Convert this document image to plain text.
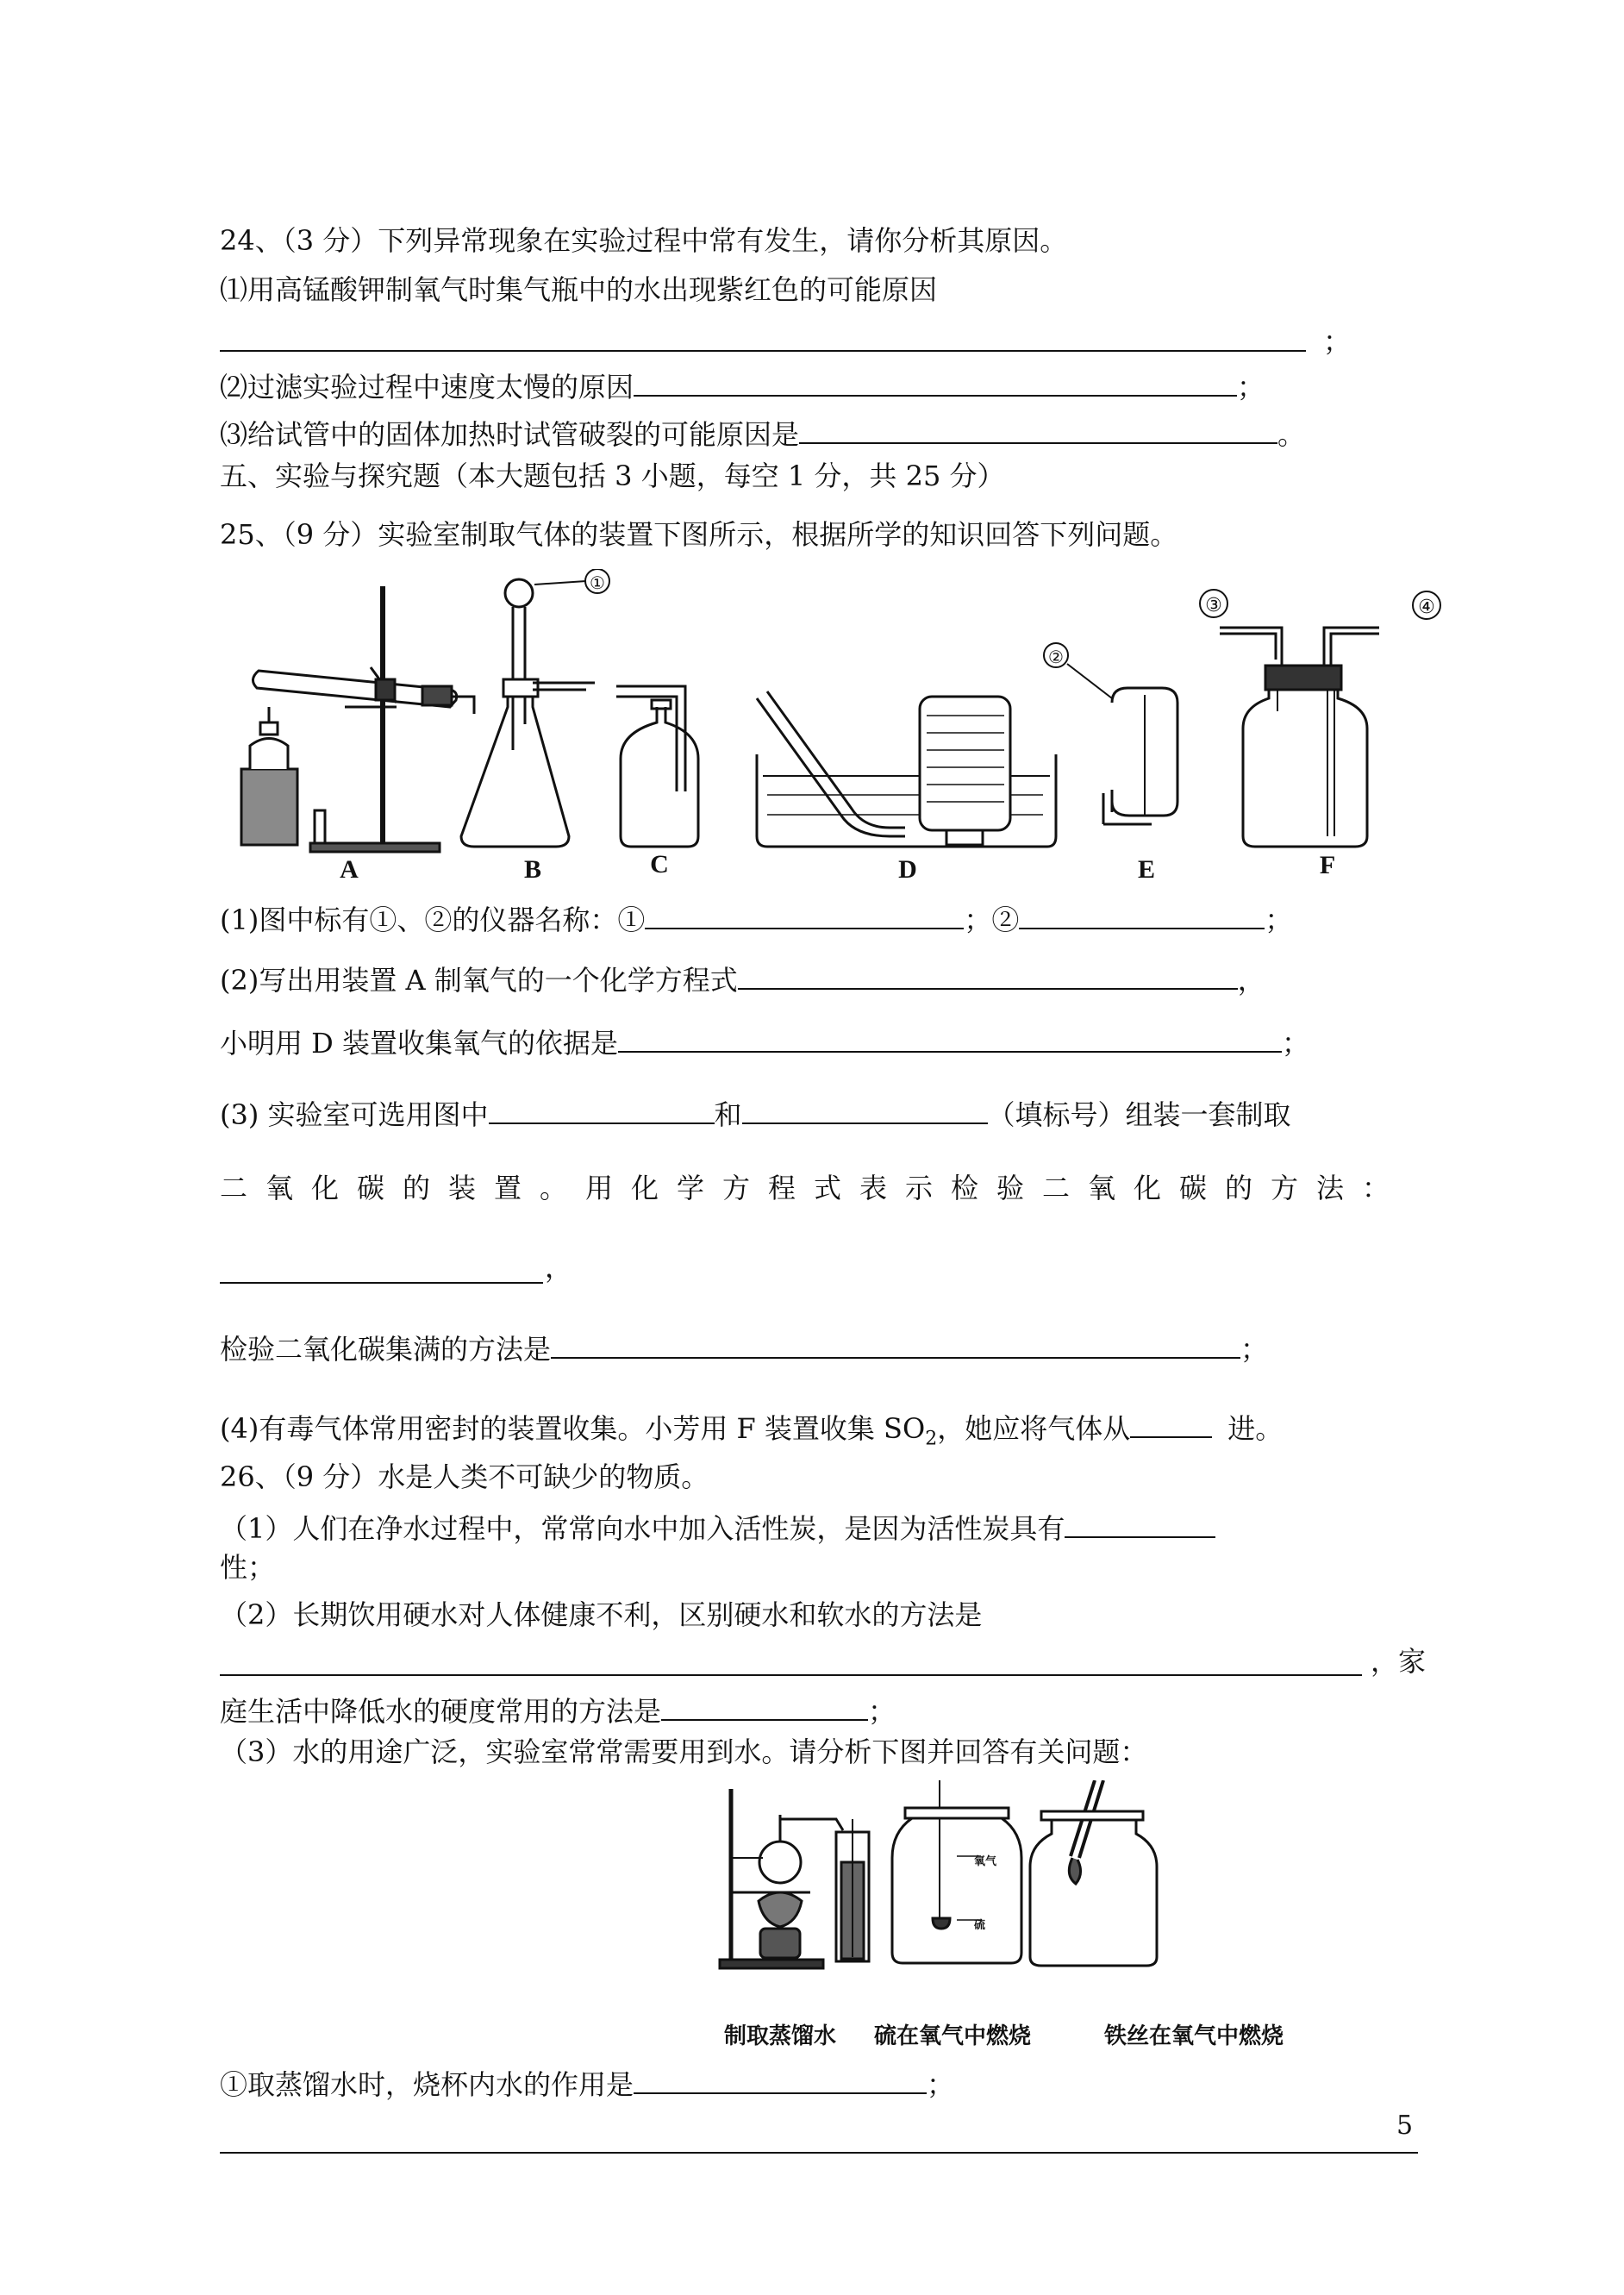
24、（3 分）下列异常现象在实验过程中常有发生，请你分析其原因。
⑴用高锰酸钾制氧气时集气瓶中的水出现紫红色的可能原因
；
⑵过滤实验过程中速度太慢的原因	；
⑶给试管中的固体加热时试管破裂的可能原因是	。
五、实验与探究题（本大题包括 3 小题，每空 1 分，共 25 分）
25、（9 分）实验室制取气体的装置下图所示，根据所学的知识回答下列问题。
①
②
③	④
A	B	C	D	E	F
(1)图中标有①、②的仪器名称：①	；②	；
(2)写出用装置 A 制氧气的一个化学方程式	，
小明用 D 装置收集氧气的依据是	；
(3) 实验室可选用图中	和	（填标号）组装一套制取
二氧化碳的装置。用化学方程式表示检验二氧化碳的方法：
，
检验二氧化碳集满的方法是	；
(4)有毒气体常用密封的装置收集。小芳用 F 装置收集 $SO_2$，她应将气体从	进。
26、（9 分）水是人类不可缺少的物质。
（1）人们在净水过程中，常常向水中加入活性炭，是因为活性炭具有
性；
（2）长期饮用硬水对人体健康不利，区别硬水和软水的方法是
，家
庭生活中降低水的硬度常用的方法是	；
（3）水的用途广泛，实验室常常需要用到水。请分析下图并回答有关问题：
氧气
硫
制取蒸馏水 硫在氧气中燃烧	铁丝在氧气中燃烧
①取蒸馏水时，烧杯内水的作用是	；
5
